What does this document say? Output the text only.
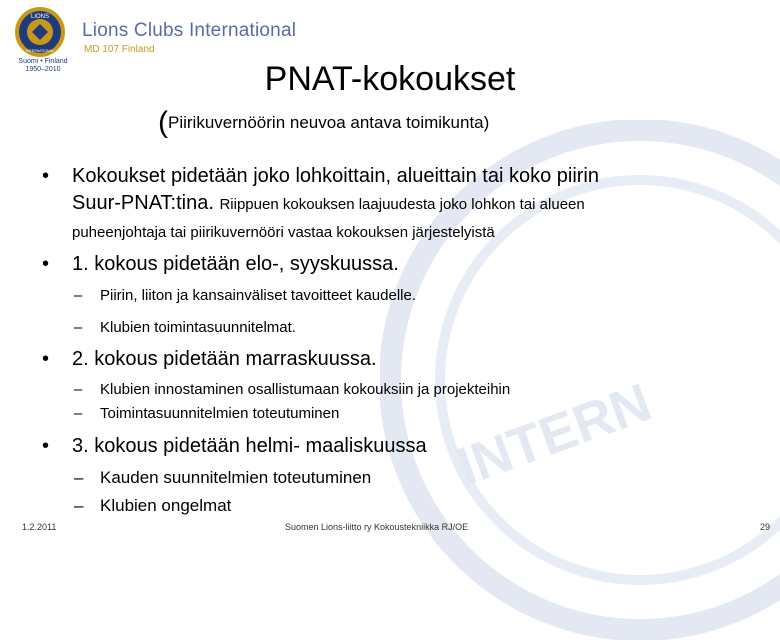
INTERN
LIONS
INTERNATIONAL
Suomi • Finland
1950–2010
Lions Clubs International
MD 107 Finland
PNAT-kokoukset
(Piirikuvernöörin neuvoa antava toimikunta)
• Kokoukset pidetään joko lohkoittain, alueittain tai koko piirin
Suur-PNAT:tina. Riippuen kokouksen laajuudesta joko lohkon tai alueen
puheenjohtaja tai piirikuvernööri vastaa kokouksen järjestelyistä
• 1. kokous pidetään elo-, syyskuussa.
– Piirin, liiton ja kansainväliset tavoitteet kaudelle.
– Klubien toimintasuunnitelmat.
• 2. kokous pidetään marraskuussa.
– Klubien innostaminen osallistumaan kokouksiin ja projekteihin
– Toimintasuunnitelmien toteutuminen
• 3. kokous pidetään helmi- maaliskuussa
– Kauden suunnitelmien toteutuminen
– Klubien ongelmat
1.2.2011	Suomen Lions-liitto ry Kokoustekniikka RJ/OE	29
